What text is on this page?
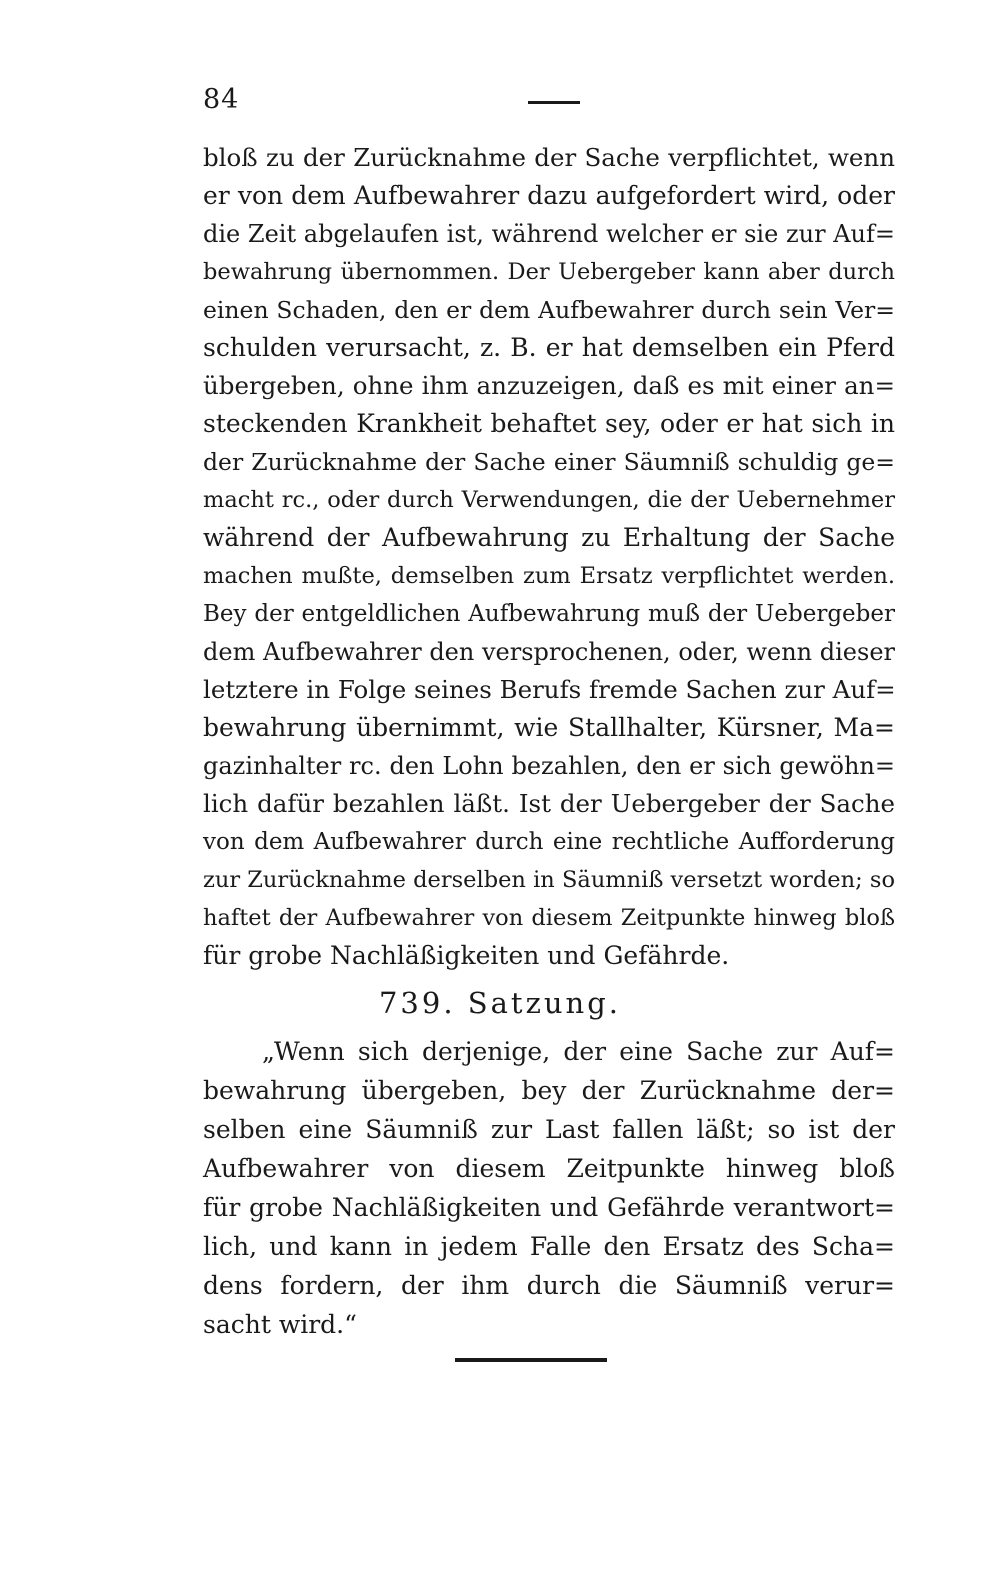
84
bloß zu der Zurücknahme der Sache verpflichtet, wenn
er von dem Aufbewahrer dazu aufgefordert wird, oder
die Zeit abgelaufen ist, während welcher er sie zur Auf=
bewahrung übernommen. Der Uebergeber kann aber durch
einen Schaden, den er dem Aufbewahrer durch sein Ver=
schulden verursacht, z. B. er hat demselben ein Pferd
übergeben, ohne ihm anzuzeigen, daß es mit einer an=
steckenden Krankheit behaftet sey, oder er hat sich in
der Zurücknahme der Sache einer Säumniß schuldig ge=
macht rc., oder durch Verwendungen, die der Uebernehmer
während der Aufbewahrung zu Erhaltung der Sache
machen mußte, demselben zum Ersatz verpflichtet werden.
Bey der entgeldlichen Aufbewahrung muß der Uebergeber
dem Aufbewahrer den versprochenen, oder, wenn dieser
letztere in Folge seines Berufs fremde Sachen zur Auf=
bewahrung übernimmt, wie Stallhalter, Kürsner, Ma=
gazinhalter rc. den Lohn bezahlen, den er sich gewöhn=
lich dafür bezahlen läßt. Ist der Uebergeber der Sache
von dem Aufbewahrer durch eine rechtliche Aufforderung
zur Zurücknahme derselben in Säumniß versetzt worden; so
haftet der Aufbewahrer von diesem Zeitpunkte hinweg bloß
für grobe Nachläßigkeiten und Gefährde.
739. Satzung.
„Wenn sich derjenige, der eine Sache zur Auf=
bewahrung übergeben, bey der Zurücknahme der=
selben eine Säumniß zur Last fallen läßt; so ist der
Aufbewahrer von diesem Zeitpunkte hinweg bloß
für grobe Nachläßigkeiten und Gefährde verantwort=
lich, und kann in jedem Falle den Ersatz des Scha=
dens fordern, der ihm durch die Säumniß verur=
sacht wird.“
